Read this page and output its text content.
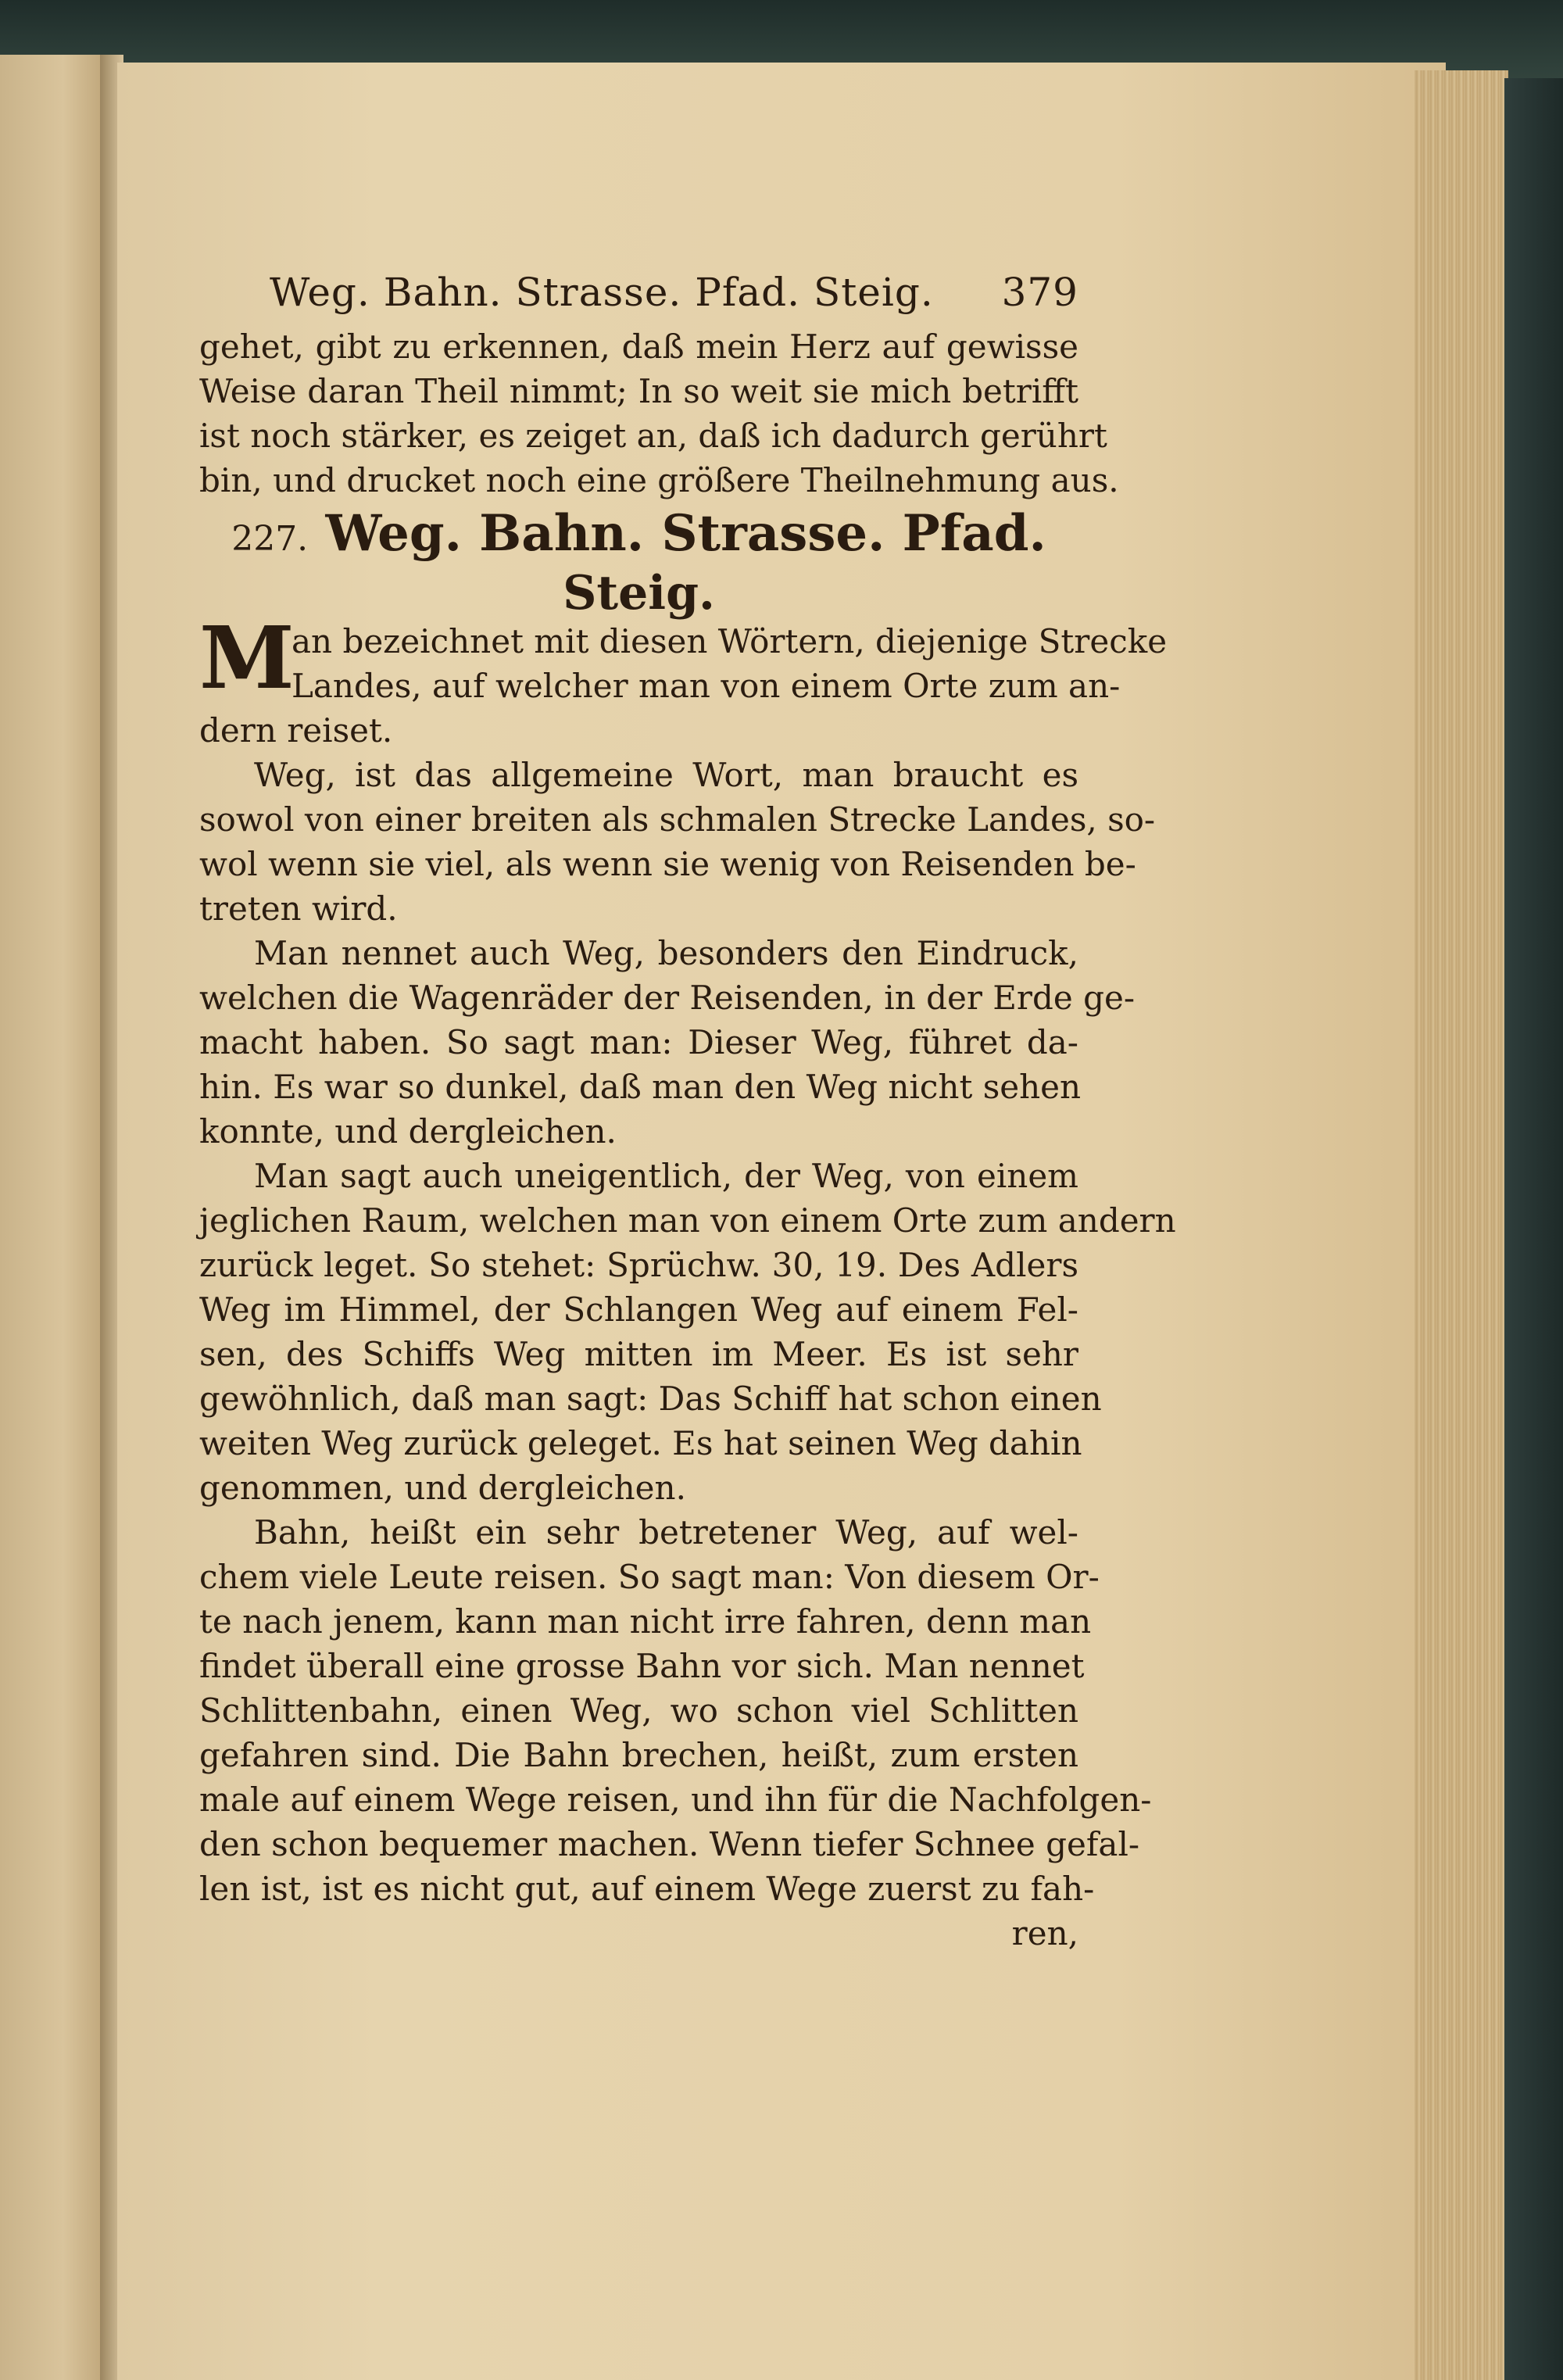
Weg. Bahn. Strasse. Pfad. Steig. 379
gehet, gibt zu erkennen, daß mein Herz auf gewisse
Weise daran Theil nimmt; In so weit sie mich betrifft
ist noch stärker, es zeiget an, daß ich dadurch gerührt
bin, und drucket noch eine größere Theilnehmung aus.
227. Weg. Bahn. Strasse. Pfad.
Steig.
M
an bezeichnet mit diesen Wörtern, diejenige Strecke
Landes, auf welcher man von einem Orte zum an-
dern reiset.
Weg, ist das allgemeine Wort, man braucht es
sowol von einer breiten als schmalen Strecke Landes, so-
wol wenn sie viel, als wenn sie wenig von Reisenden be-
treten wird.
Man nennet auch Weg, besonders den Eindruck,
welchen die Wagenräder der Reisenden, in der Erde ge-
macht haben. So sagt man: Dieser Weg, führet da-
hin. Es war so dunkel, daß man den Weg nicht sehen
konnte, und dergleichen.
Man sagt auch uneigentlich, der Weg, von einem
jeglichen Raum, welchen man von einem Orte zum andern
zurück leget. So stehet: Sprüchw. 30, 19. Des Adlers
Weg im Himmel, der Schlangen Weg auf einem Fel-
sen, des Schiffs Weg mitten im Meer. Es ist sehr
gewöhnlich, daß man sagt: Das Schiff hat schon einen
weiten Weg zurück geleget. Es hat seinen Weg dahin
genommen, und dergleichen.
Bahn, heißt ein sehr betretener Weg, auf wel-
chem viele Leute reisen. So sagt man: Von diesem Or-
te nach jenem, kann man nicht irre fahren, denn man
findet überall eine grosse Bahn vor sich. Man nennet
Schlittenbahn, einen Weg, wo schon viel Schlitten
gefahren sind. Die Bahn brechen, heißt, zum ersten
male auf einem Wege reisen, und ihn für die Nachfolgen-
den schon bequemer machen. Wenn tiefer Schnee gefal-
len ist, ist es nicht gut, auf einem Wege zuerst zu fah-
ren,
